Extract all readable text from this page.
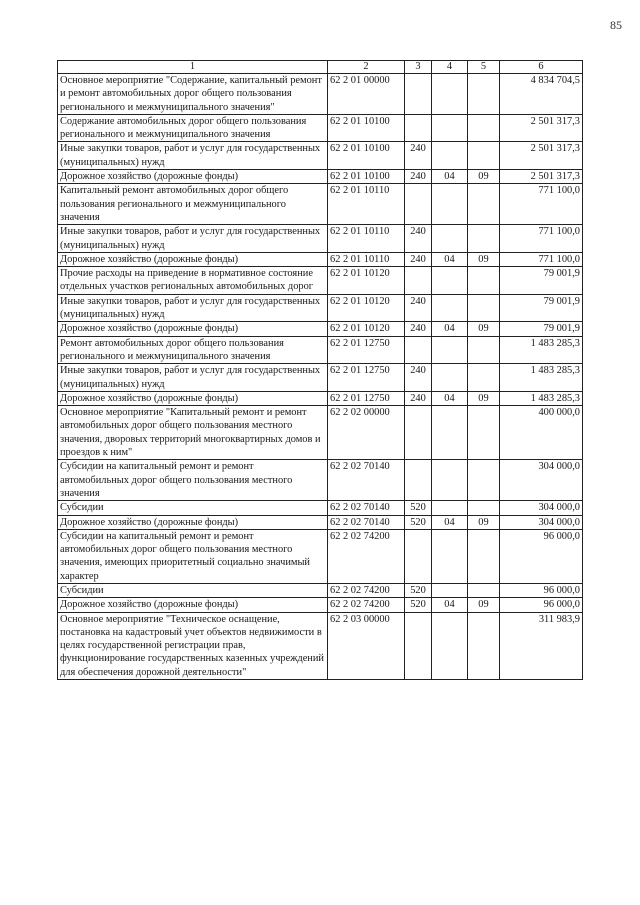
85
1	2	3	4	5	6
Основное мероприятие "Содержание, капитальный ремонт и ремонт автомобильных дорог общего пользования регионального и межмуниципального значения"	62 2 01 00000				4 834 704,5
Содержание автомобильных дорог общего пользования регионального и межмуниципального значения	62 2 01 10100				2 501 317,3
Иные закупки товаров, работ и услуг для государственных (муниципальных) нужд	62 2 01 10100	240			2 501 317,3
Дорожное хозяйство (дорожные фонды)	62 2 01 10100	240	04	09	2 501 317,3
Капитальный ремонт автомобильных дорог общего пользования регионального и межмуниципального значения	62 2 01 10110				771 100,0
Иные закупки товаров, работ и услуг для государственных (муниципальных) нужд	62 2 01 10110	240			771 100,0
Дорожное хозяйство (дорожные фонды)	62 2 01 10110	240	04	09	771 100,0
Прочие расходы на приведение в нормативное состояние отдельных участков региональных автомобильных дорог	62 2 01 10120				79 001,9
Иные закупки товаров, работ и услуг для государственных (муниципальных) нужд	62 2 01 10120	240			79 001,9
Дорожное хозяйство (дорожные фонды)	62 2 01 10120	240	04	09	79 001,9
Ремонт автомобильных дорог общего пользования регионального и межмуниципального значения	62 2 01 12750				1 483 285,3
Иные закупки товаров, работ и услуг для государственных (муниципальных) нужд	62 2 01 12750	240			1 483 285,3
Дорожное хозяйство (дорожные фонды)	62 2 01 12750	240	04	09	1 483 285,3
Основное мероприятие "Капитальный ремонт и ремонт автомобильных дорог общего пользования местного значения, дворовых территорий многоквартирных домов и проездов к ним"	62 2 02 00000				400 000,0
Субсидии на капитальный ремонт и ремонт автомобильных дорог общего пользования местного значения	62 2 02 70140				304 000,0
Субсидии	62 2 02 70140	520			304 000,0
Дорожное хозяйство (дорожные фонды)	62 2 02 70140	520	04	09	304 000,0
Субсидии на капитальный ремонт и ремонт автомобильных дорог общего пользования местного значения, имеющих приоритетный социально значимый характер	62 2 02 74200				96 000,0
Субсидии	62 2 02 74200	520			96 000,0
Дорожное хозяйство (дорожные фонды)	62 2 02 74200	520	04	09	96 000,0
Основное мероприятие "Техническое оснащение, постановка на кадастровый учет объектов недвижимости в целях государственной регистрации прав, функционирование государственных казенных учреждений для обеспечения дорожной деятельности"	62 2 03 00000				311 983,9
